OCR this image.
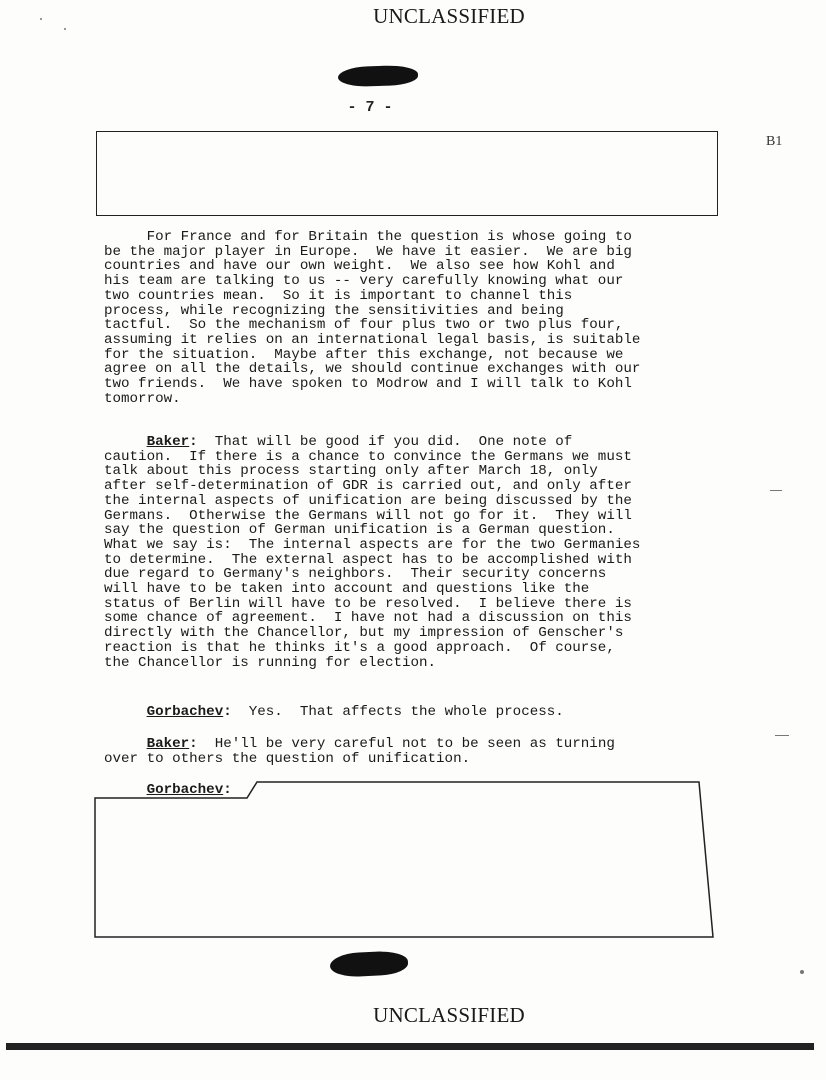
UNCLASSIFIED
- 7 -
B1
For France and for Britain the question is whose going to
be the major player in Europe.  We have it easier.  We are big
countries and have our own weight.  We also see how Kohl and
his team are talking to us -- very carefully knowing what our
two countries mean.  So it is important to channel this
process, while recognizing the sensitivities and being
tactful.  So the mechanism of four plus two or two plus four,
assuming it relies on an international legal basis, is suitable
for the situation.  Maybe after this exchange, not because we
agree on all the details, we should continue exchanges with our
two friends.  We have spoken to Modrow and I will talk to Kohl
tomorrow.
Baker:  That will be good if you did.  One note of
caution.  If there is a chance to convince the Germans we must
talk about this process starting only after March 18, only
after self-determination of GDR is carried out, and only after
the internal aspects of unification are being discussed by the
Germans.  Otherwise the Germans will not go for it.  They will
say the question of German unification is a German question.
What we say is:  The internal aspects are for the two Germanies
to determine.  The external aspect has to be accomplished with
due regard to Germany's neighbors.  Their security concerns
will have to be taken into account and questions like the
status of Berlin will have to be resolved.  I believe there is
some chance of agreement.  I have not had a discussion on this
directly with the Chancellor, but my impression of Genscher's
reaction is that he thinks it's a good approach.  Of course,
the Chancellor is running for election.
Gorbachev:  Yes.  That affects the whole process.
Baker:  He'll be very careful not to be seen as turning
over to others the question of unification.
Gorbachev:
UNCLASSIFIED
